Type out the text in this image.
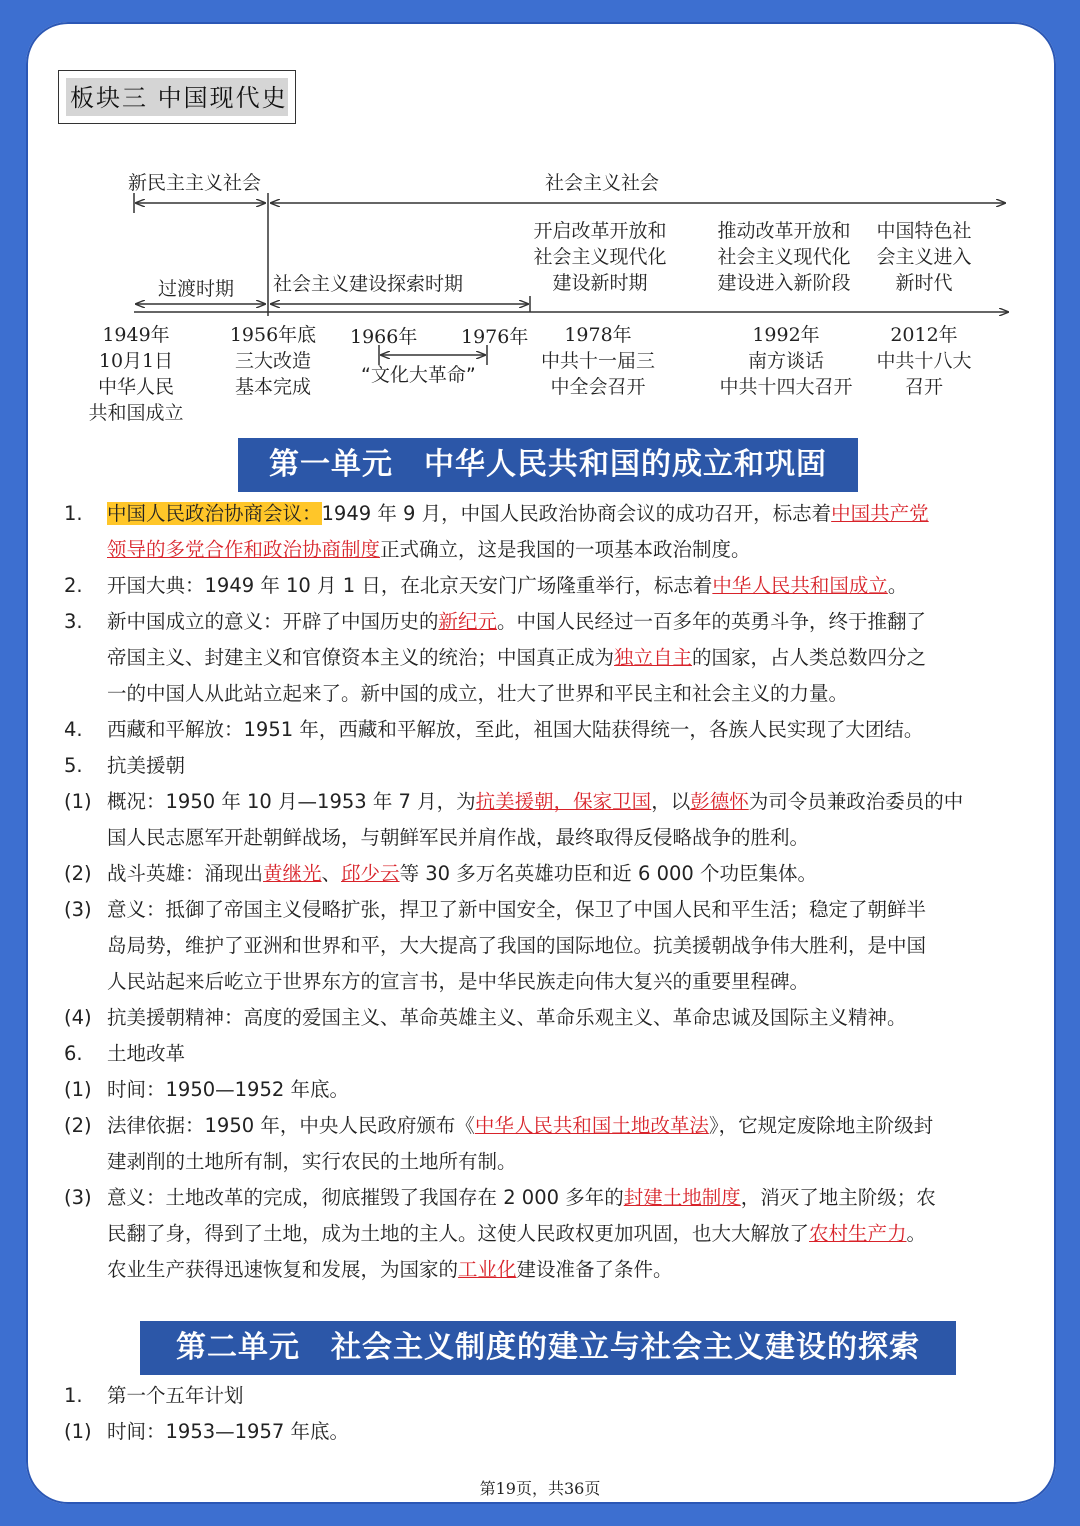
板块三 中国现代史
新民主主义社会	社会主义社会
过渡时期 社会主义建设探索时期
开启改革开放和
社会主义现代化
建设新时期
推动改革开放和
社会主义现代化
建设进入新阶段
中国特色社
会主义进入
新时代
1949年
10月1日
中华人民
共和国成立
1956年底
三大改造
基本完成
1966年 1976年
“文化大革命”
1978年
中共十一届三
中全会召开
1992年
南方谈话
中共十四大召开
2012年
中共十八大
召开
第一单元　中华人民共和国的成立和巩固
1. 中国人民政治协商会议：1949 年 9 月，中国人民政治协商会议的成功召开，标志着中国共产党
领导的多党合作和政治协商制度正式确立，这是我国的一项基本政治制度。
2. 开国大典：1949 年 10 月 1 日，在北京天安门广场隆重举行，标志着中华人民共和国成立。
3. 新中国成立的意义：开辟了中国历史的新纪元。中国人民经过一百多年的英勇斗争，终于推翻了
帝国主义、封建主义和官僚资本主义的统治；中国真正成为独立自主的国家，占人类总数四分之
一的中国人从此站立起来了。新中国的成立，壮大了世界和平民主和社会主义的力量。
4. 西藏和平解放：1951 年，西藏和平解放，至此，祖国大陆获得统一，各族人民实现了大团结。
5. 抗美援朝
(1) 概况：1950 年 10 月—1953 年 7 月，为抗美援朝，保家卫国，以彭德怀为司令员兼政治委员的中
国人民志愿军开赴朝鲜战场，与朝鲜军民并肩作战，最终取得反侵略战争的胜利。
(2) 战斗英雄：涌现出黄继光、邱少云等 30 多万名英雄功臣和近 6 000 个功臣集体。
(3) 意义：抵御了帝国主义侵略扩张，捍卫了新中国安全，保卫了中国人民和平生活；稳定了朝鲜半
岛局势，维护了亚洲和世界和平，大大提高了我国的国际地位。抗美援朝战争伟大胜利，是中国
人民站起来后屹立于世界东方的宣言书，是中华民族走向伟大复兴的重要里程碑。
(4) 抗美援朝精神：高度的爱国主义、革命英雄主义、革命乐观主义、革命忠诚及国际主义精神。
6. 土地改革
(1) 时间：1950—1952 年底。
(2) 法律依据：1950 年，中央人民政府颁布《中华人民共和国土地改革法》，它规定废除地主阶级封
建剥削的土地所有制，实行农民的土地所有制。
(3) 意义：土地改革的完成，彻底摧毁了我国存在 2 000 多年的封建土地制度，消灭了地主阶级；农
民翻了身，得到了土地，成为土地的主人。这使人民政权更加巩固，也大大解放了农村生产力。
农业生产获得迅速恢复和发展，为国家的工业化建设准备了条件。
第二单元　社会主义制度的建立与社会主义建设的探索
1. 第一个五年计划
(1) 时间：1953—1957 年底。
第19页，共36页
